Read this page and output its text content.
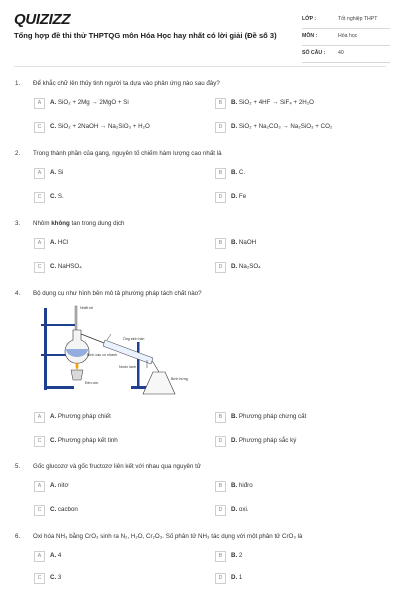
QUIZIZZ
Tổng hợp đề thi thử THPTQG môn Hóa Học hay nhất có lời giải (Đề số 3)
LỚP :	Tốt nghiệp THPT
MÔN :	Hóa học
SỐ CÂU : 40
1. Để khắc chữ lên thủy tinh người ta dựa vào phản ứng nào sau đây?
A	A. SiO₂ + 2Mg → 2MgO + Si	B	B. SiO₂ + 4HF → SiF₄ + 2H₂O
C	C. SiO₂ + 2NaOH → Na₂SiO₃ + H₂O	D	D. SiO₂ + Na₂CO₃ → Na₂SiO₃ + CO₂
2. Trong thành phần của gang, nguyên tố chiếm hàm lượng cao nhất là
A	A. Si	B	B. C.
C	C. S.	D	D. Fe
3. Nhôm không tan trong dung dịch
A	A. HCl	B	B. NaOH
C	C. NaHSO₄	D	D. Na₂SO₄
4. Bộ dụng cụ như hình bên mô tả phương pháp tách chất nào?
Nhiệt kế
Ống sinh hàn
Bình cầu có nhánh
Nước lạnh
Đèn cồn
Bình hứng
A	A. Phương pháp chiết	B	B. Phương pháp chưng cất
C	C. Phương pháp kết tinh	D	D. Phương pháp sắc ký
5. Gốc glucozơ và gốc fructozơ liên kết với nhau qua nguyên tử
A	A. nitơ	B	B. hiđro
C	C. cacbon	D	D. oxi.
6. Oxi hóa NH₃ bằng CrO₃ sinh ra N₂, H₂O, Cr₂O₃. Số phân tử NH₃ tác dụng với một phân tử CrO₃ là
A	A. 4	B	B. 2
C	C. 3	D	D. 1
